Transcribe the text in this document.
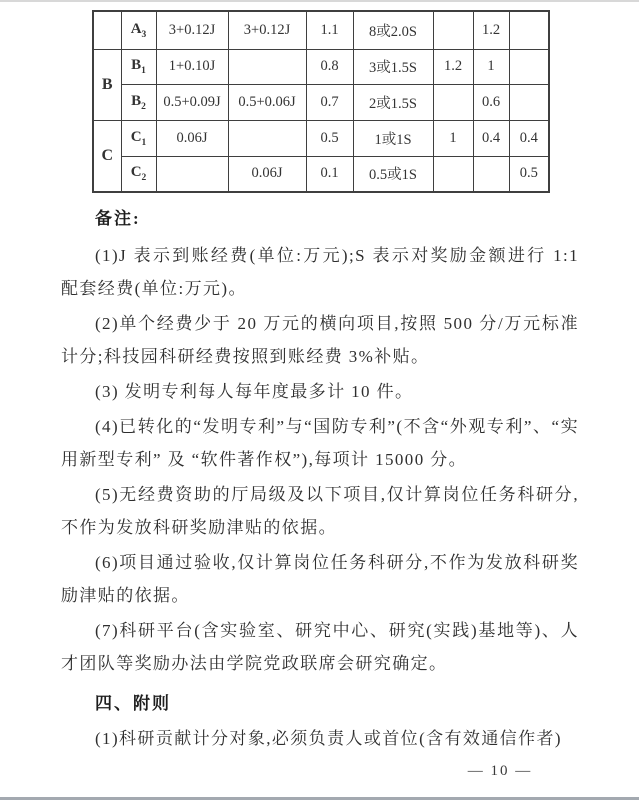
	$A_3$	3+0.12J	3+0.12J	1.1	8或2.0S		1.2	
B	$B_1$	1+0.10J		0.8	3或1.5S	1.2	1	
	$B_2$	0.5+0.09J	0.5+0.06J	0.7	2或1.5S		0.6	
C	$C_1$	0.06J		0.5	1或1S	1	0.4	0.4
	$C_2$		0.06J	0.1	0.5或1S			0.5

备注:

(1)J 表示到账经费(单位:万元);S 表示对奖励金额进行 1:1 配套经费(单位:万元)。

(2)单个经费少于 20 万元的横向项目,按照 500 分/万元标准计分;科技园科研经费按照到账经费 3%补贴。

(3) 发明专利每人每年度最多计 10 件。

(4)已转化的“发明专利”与“国防专利”(不含“外观专利”、“实用新型专利” 及 “软件著作权”),每项计 15000 分。

(5)无经费资助的厅局级及以下项目,仅计算岗位任务科研分,不作为发放科研奖励津贴的依据。

(6)项目通过验收,仅计算岗位任务科研分,不作为发放科研奖励津贴的依据。

(7)科研平台(含实验室、研究中心、研究(实践)基地等)、人才团队等奖励办法由学院党政联席会研究确定。

四、附则

(1)科研贡献计分对象,必须负责人或首位(含有效通信作者)

— 10 —
